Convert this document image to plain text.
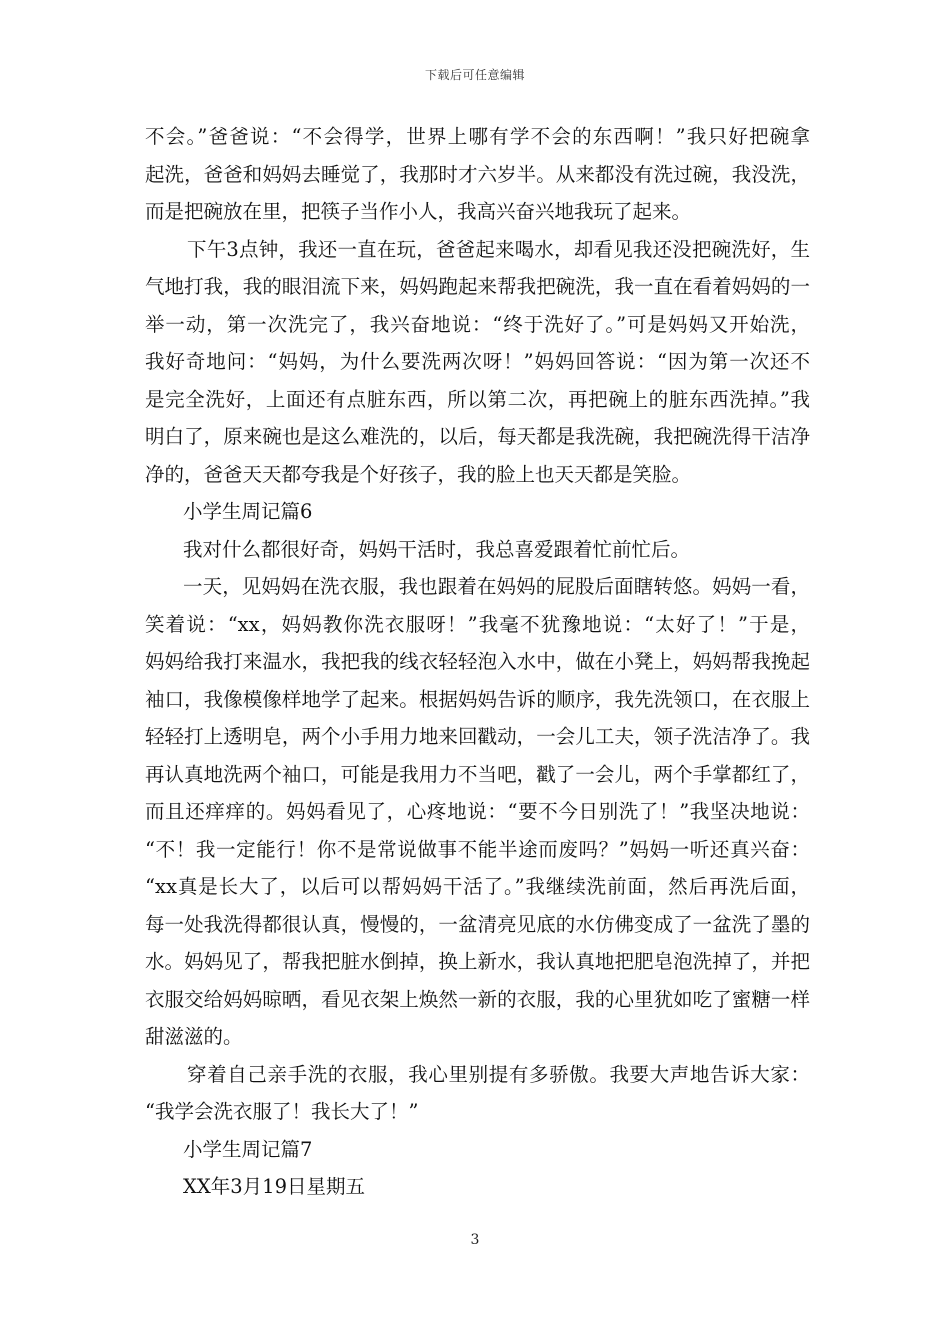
下载后可任意编辑
不会。”爸爸说：“不会得学，世界上哪有学不会的东西啊！”我只好把碗拿
起洗，爸爸和妈妈去睡觉了，我那时才六岁半。从来都没有洗过碗，我没洗，
而是把碗放在里，把筷子当作小人，我高兴奋兴地我玩了起来。
下午3点钟，我还一直在玩，爸爸起来喝水，却看见我还没把碗洗好，生
气地打我，我的眼泪流下来，妈妈跑起来帮我把碗洗，我一直在看着妈妈的一
举一动，第一次洗完了，我兴奋地说：“终于洗好了。”可是妈妈又开始洗，
我好奇地问：“妈妈，为什么要洗两次呀！”妈妈回答说：“因为第一次还不
是完全洗好，上面还有点脏东西，所以第二次，再把碗上的脏东西洗掉。”我
明白了，原来碗也是这么难洗的，以后，每天都是我洗碗，我把碗洗得干洁净
净的，爸爸天天都夸我是个好孩子，我的脸上也天天都是笑脸。
小学生周记篇6
我对什么都很好奇，妈妈干活时，我总喜爱跟着忙前忙后。
一天，见妈妈在洗衣服，我也跟着在妈妈的屁股后面瞎转悠。妈妈一看，
笑着说：“xx，妈妈教你洗衣服呀！”我毫不犹豫地说：“太好了！”于是，
妈妈给我打来温水，我把我的线衣轻轻泡入水中，做在小凳上，妈妈帮我挽起
袖口，我像模像样地学了起来。根据妈妈告诉的顺序，我先洗领口，在衣服上
轻轻打上透明皂，两个小手用力地来回戳动，一会儿工夫，领子洗洁净了。我
再认真地洗两个袖口，可能是我用力不当吧，戳了一会儿，两个手掌都红了，
而且还痒痒的。妈妈看见了，心疼地说：“要不今日别洗了！”我坚决地说：
“不！我一定能行！你不是常说做事不能半途而废吗？”妈妈一听还真兴奋：
“xx真是长大了，以后可以帮妈妈干活了。”我继续洗前面，然后再洗后面，
每一处我洗得都很认真，慢慢的，一盆清亮见底的水仿佛变成了一盆洗了墨的
水。妈妈见了，帮我把脏水倒掉，换上新水，我认真地把肥皂泡洗掉了，并把
衣服交给妈妈晾晒，看见衣架上焕然一新的衣服，我的心里犹如吃了蜜糖一样
甜滋滋的。
穿着自己亲手洗的衣服，我心里别提有多骄傲。我要大声地告诉大家：
“我学会洗衣服了！我长大了！”
小学生周记篇7
XX年3月19日星期五
3
